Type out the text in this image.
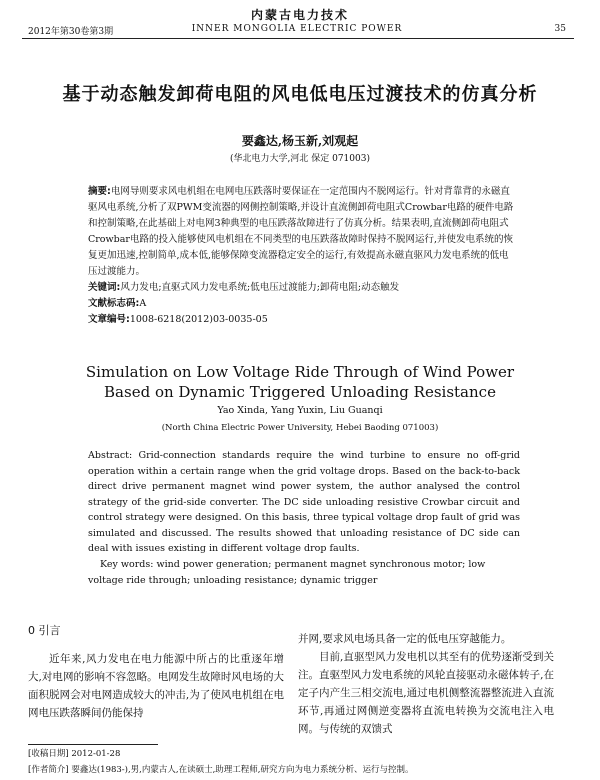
内蒙古电力技术
2012年第30卷第3期	INNER MONGOLIA ELECTRIC POWER	35
基于动态触发卸荷电阻的风电低电压过渡技术的仿真分析
要鑫达,杨玉新,刘观起
(华北电力大学,河北 保定 071003)
摘要:电网导则要求风电机组在电网电压跌落时要保证在一定范围内不脱网运行。针对背靠背的永磁直驱风电系统,分析了双PWM变流器的网侧控制策略,并设计直流侧卸荷电阻式Crowbar电路的硬件电路和控制策略,在此基础上对电网3种典型的电压跌落故障进行了仿真分析。结果表明,直流侧卸荷电阻式Crowbar电路的投入能够使风电机组在不同类型的电压跌落故障时保持不脱网运行,并使发电系统的恢复更加迅速,控制简单,成本低,能够保障变流器稳定安全的运行,有效提高永磁直驱风力发电系统的低电压过渡能力。
关键词:风力发电;直驱式风力发电系统;低电压过渡能力;卸荷电阻;动态触发
文献标志码:A
文章编号:1008-6218(2012)03-0035-05
Simulation on Low Voltage Ride Through of Wind Power
Based on Dynamic Triggered Unloading Resistance
Yao Xinda, Yang Yuxin, Liu Guanqi
(North China Electric Power University, Hebei Baoding 071003)
Abstract: Grid-connection standards require the wind turbine to ensure no off-grid operation within a certain range when the grid voltage drops. Based on the back-to-back direct drive permanent magnet wind power system, the author analysed the control strategy of the grid-side converter. The DC side unloading resistive Crowbar circuit and control strategy were designed. On this basis, three typical voltage drop fault of grid was simulated and discussed. The results showed that unloading resistance of DC side can deal with issues existing in different voltage drop faults.
Key words: wind power generation; permanent magnet synchronous motor; low voltage ride through; unloading resistance; dynamic trigger
0 引言
近年来,风力发电在电力能源中所占的比重逐年增大,对电网的影响不容忽略。电网发生故障时风电场的大面积脱网会对电网造成较大的冲击,为了使风电机组在电网电压跌落瞬间仍能保持
并网,要求风电场具备一定的低电压穿越能力。
目前,直驱型风力发电机以其至有的优势逐渐受到关注。直驱型风力发电系统的风轮直接驱动永磁体转子,在定子内产生三相交流电,通过电机侧整流器整流进入直流环节,再通过网侧逆变器将直流电转换为交流电注入电网。与传统的双馈式
[收稿日期] 2012-01-28
[作者简介] 要鑫达(1983-),男,内蒙古人,在读硕士,助理工程师,研究方向为电力系统分析、运行与控制。
